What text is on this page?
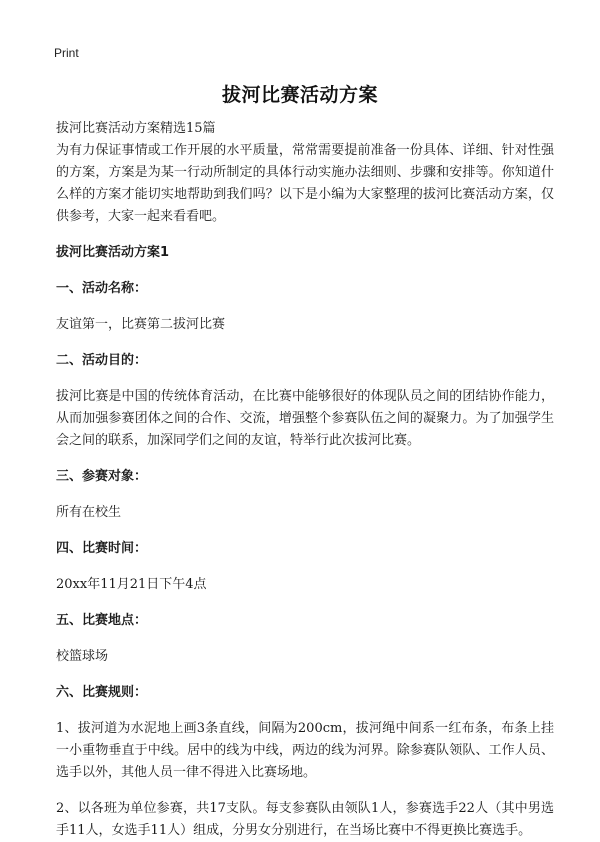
Print
拔河比赛活动方案

拔河比赛活动方案精选15篇

为有力保证事情或工作开展的水平质量，常常需要提前准备一份具体、详细、针对性强的方案，方案是为某一行动所制定的具体行动实施办法细则、步骤和安排等。你知道什么样的方案才能切实地帮助到我们吗？以下是小编为大家整理的拔河比赛活动方案，仅供参考，大家一起来看看吧。

拔河比赛活动方案1

一、活动名称：

友谊第一，比赛第二拔河比赛

二、活动目的：

拔河比赛是中国的传统体育活动，在比赛中能够很好的体现队员之间的团结协作能力，从而加强参赛团体之间的合作、交流，增强整个参赛队伍之间的凝聚力。为了加强学生会之间的联系，加深同学们之间的友谊，特举行此次拔河比赛。

三、参赛对象：

所有在校生

四、比赛时间：

20xx年11月21日下午4点

五、比赛地点：

校篮球场

六、比赛规则：

1、拔河道为水泥地上画3条直线，间隔为200cm，拔河绳中间系一红布条，布条上挂一小重物垂直于中线。居中的线为中线，两边的线为河界。除参赛队领队、工作人员、选手以外，其他人员一律不得进入比赛场地。

2、以各班为单位参赛，共17支队。每支参赛队由领队1人，参赛选手22人（其中男选手11人，女选手11人）组成，分男女分别进行，在当场比赛中不得更换比赛选手。
